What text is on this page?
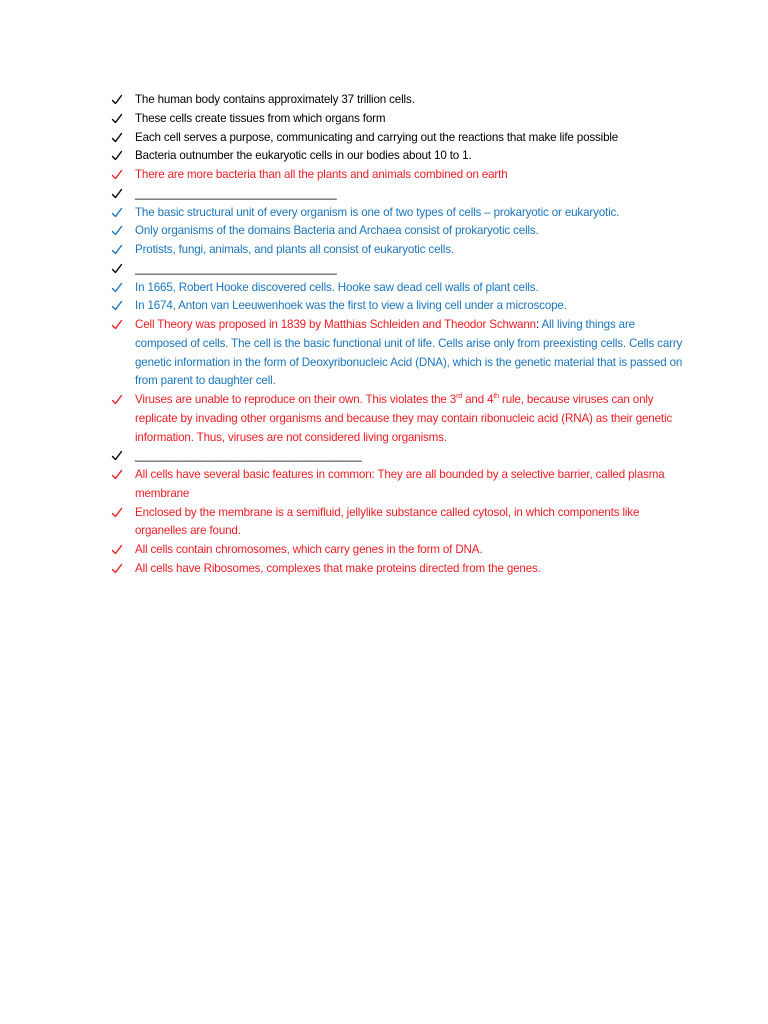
The human body contains approximately 37 trillion cells.
These cells create tissues from which organs form
Each cell serves a purpose, communicating and carrying out the reactions that make life possible
Bacteria outnumber the eukaryotic cells in our bodies about 10 to 1.
There are more bacteria than all the plants and animals combined on earth
________________________________
The basic structural unit of every organism is one of two types of cells – prokaryotic or eukaryotic.
Only organisms of the domains Bacteria and Archaea consist of prokaryotic cells.
Protists, fungi, animals, and plants all consist of eukaryotic cells.
________________________________
In 1665, Robert Hooke discovered cells. Hooke saw dead cell walls of plant cells.
In 1674, Anton van Leeuwenhoek was the first to view a living cell under a microscope.
Cell Theory was proposed in 1839 by Matthias Schleiden and Theodor Schwann: All living things are composed of cells. The cell is the basic functional unit of life. Cells arise only from preexisting cells. Cells carry genetic information in the form of Deoxyribonucleic Acid (DNA), which is the genetic material that is passed on from parent to daughter cell.
Viruses are unable to reproduce on their own. This violates the 3rd and 4th rule, because viruses can only replicate by invading other organisms and because they may contain ribonucleic acid (RNA) as their genetic information. Thus, viruses are not considered living organisms.
____________________________________
All cells have several basic features in common: They are all bounded by a selective barrier, called plasma membrane
Enclosed by the membrane is a semifluid, jellylike substance called cytosol, in which components like organelles are found.
All cells contain chromosomes, which carry genes in the form of DNA.
All cells have Ribosomes, complexes that make proteins directed from the genes.
